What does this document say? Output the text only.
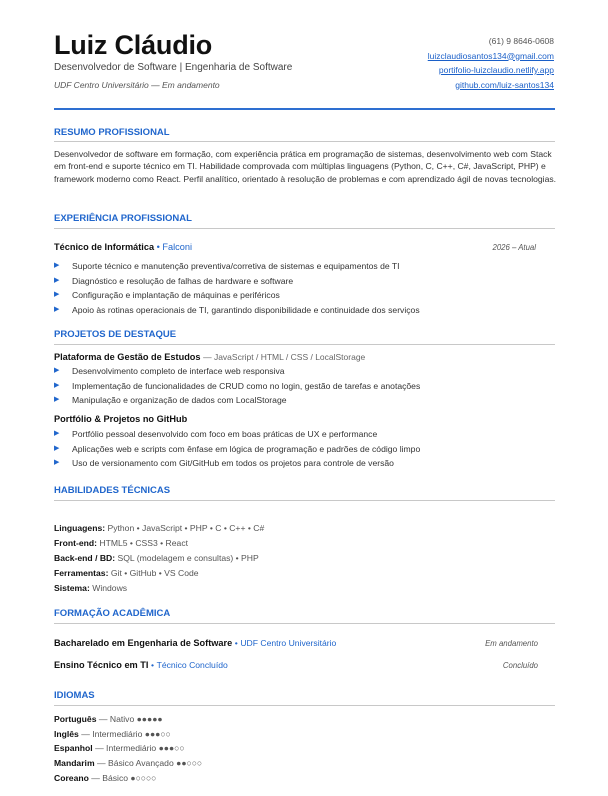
Luiz Cláudio
Desenvolvedor de Software | Engenharia de Software
UDF Centro Universitário — Em andamento
(61) 9 8646-0608
luizclaudiosantos134@gmail.com
portifolio-luizclaudio.netlify.app
github.com/luiz-santos134
RESUMO PROFISSIONAL
Desenvolvedor de software em formação, com experiência prática em programação de sistemas, desenvolvimento web com Stack em front-end e suporte técnico em TI. Habilidade comprovada com múltiplas linguagens (Python, C, C++, C#, JavaScript, PHP) e framework moderno como React. Perfil analítico, orientado à resolução de problemas e com aprendizado ágil de novas tecnologias.
EXPERIÊNCIA PROFISSIONAL
Técnico de Informática • Falconi	2026 – Atual
▶ Suporte técnico e manutenção preventiva/corretiva de sistemas e equipamentos de TI
▶ Diagnóstico e resolução de falhas de hardware e software
▶ Configuração e implantação de máquinas e periféricos
▶ Apoio às rotinas operacionais de TI, garantindo disponibilidade e continuidade dos serviços
PROJETOS DE DESTAQUE
Plataforma de Gestão de Estudos — JavaScript / HTML / CSS / LocalStorage
▶ Desenvolvimento completo de interface web responsiva
▶ Implementação de funcionalidades de CRUD como no login, gestão de tarefas e anotações
▶ Manipulação e organização de dados com LocalStorage
Portfólio & Projetos no GitHub
▶ Portfólio pessoal desenvolvido com foco em boas práticas de UX e performance
▶ Aplicações web e scripts com ênfase em lógica de programação e padrões de código limpo
▶ Uso de versionamento com Git/GitHub em todos os projetos para controle de versão
HABILIDADES TÉCNICAS
Linguagens: Python • JavaScript • PHP • C • C++ • C#
Front-end: HTML5 • CSS3 • React
Back-end / BD: SQL (modelagem e consultas) • PHP
Ferramentas: Git • GitHub • VS Code
Sistema: Windows
FORMAÇÃO ACADÊMICA
Bacharelado em Engenharia de Software • UDF Centro Universitário	Em andamento
Ensino Técnico em TI • Técnico Concluído	Concluído
IDIOMAS
Português — Nativo ●●●●●
Inglês — Intermediário ●●●○○
Espanhol — Intermediário ●●●○○
Mandarim — Básico Avançado ●●○○○
Coreano — Básico ●○○○○
